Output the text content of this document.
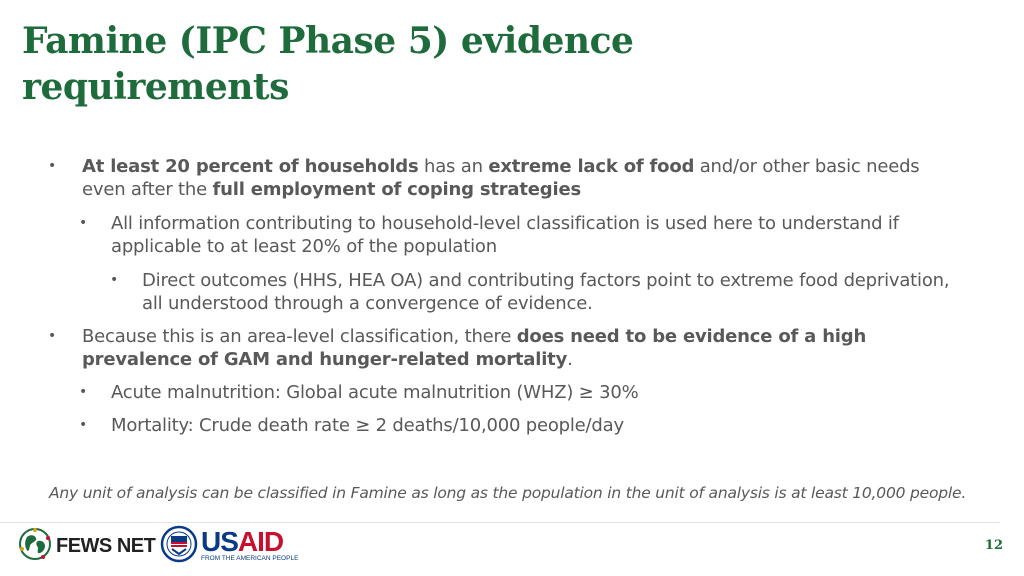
Famine (IPC Phase 5) evidence requirements
• At least 20 percent of households has an extreme lack of food and/or other basic needs even after the full employment of coping strategies
• All information contributing to household-level classification is used here to understand if applicable to at least 20% of the population
• Direct outcomes (HHS, HEA OA) and contributing factors point to extreme food deprivation, all understood through a convergence of evidence.
• Because this is an area-level classification, there does need to be evidence of a high prevalence of GAM and hunger-related mortality.
• Acute malnutrition: Global acute malnutrition (WHZ) ≥ 30%
• Mortality: Crude death rate ≥ 2 deaths/10,000 people/day
Any unit of analysis can be classified in Famine as long as the population in the unit of analysis is at least 10,000 people.
FEWS NET USAID
FROM THE AMERICAN PEOPLE
12
